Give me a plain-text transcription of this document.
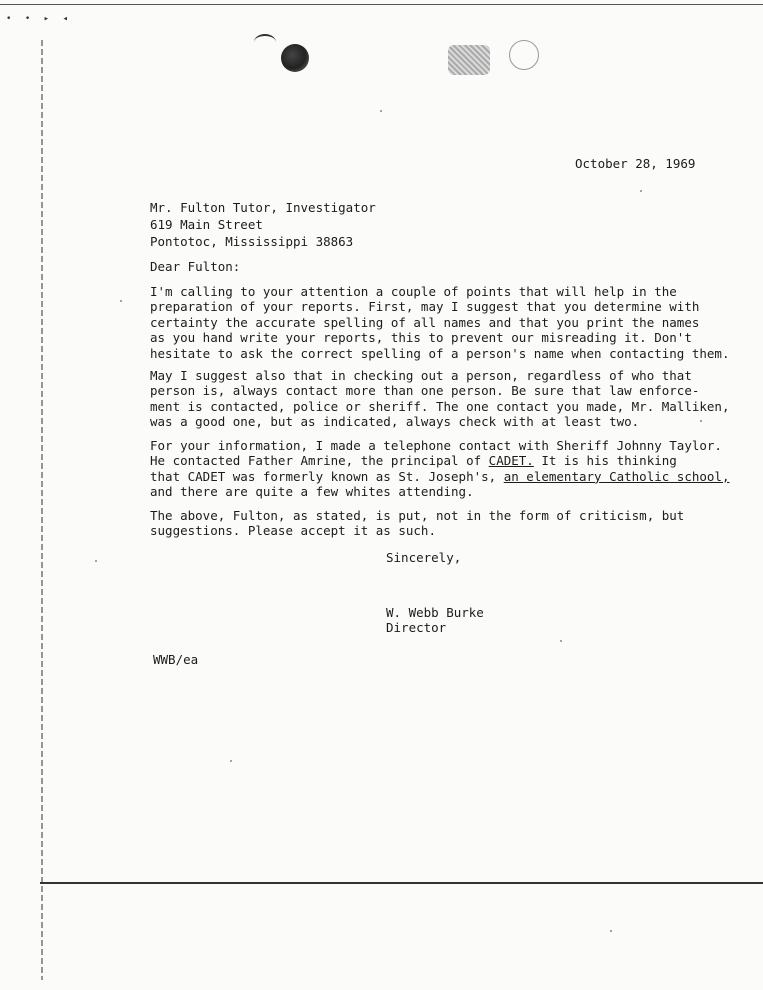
• • ▸ ◂
October 28, 1969
Mr. Fulton Tutor, Investigator
619 Main Street
Pontotoc, Mississippi 38863
Dear Fulton:
I'm calling to your attention a couple of points that will help in the
preparation of your reports. First, may I suggest that you determine with
certainty the accurate spelling of all names and that you print the names
as you hand write your reports, this to prevent our misreading it. Don't
hesitate to ask the correct spelling of a person's name when contacting them.
May I suggest also that in checking out a person, regardless of who that
person is, always contact more than one person. Be sure that law enforce-
ment is contacted, police or sheriff. The one contact you made, Mr. Malliken,
was a good one, but as indicated, always check with at least two.
For your information, I made a telephone contact with Sheriff Johnny Taylor.
He contacted Father Amrine, the principal of CADET. It is his thinking
that CADET was formerly known as St. Joseph's, an elementary Catholic school,
and there are quite a few whites attending.
The above, Fulton, as stated, is put, not in the form of criticism, but
suggestions. Please accept it as such.
Sincerely,
W. Webb Burke
Director
WWB/ea
